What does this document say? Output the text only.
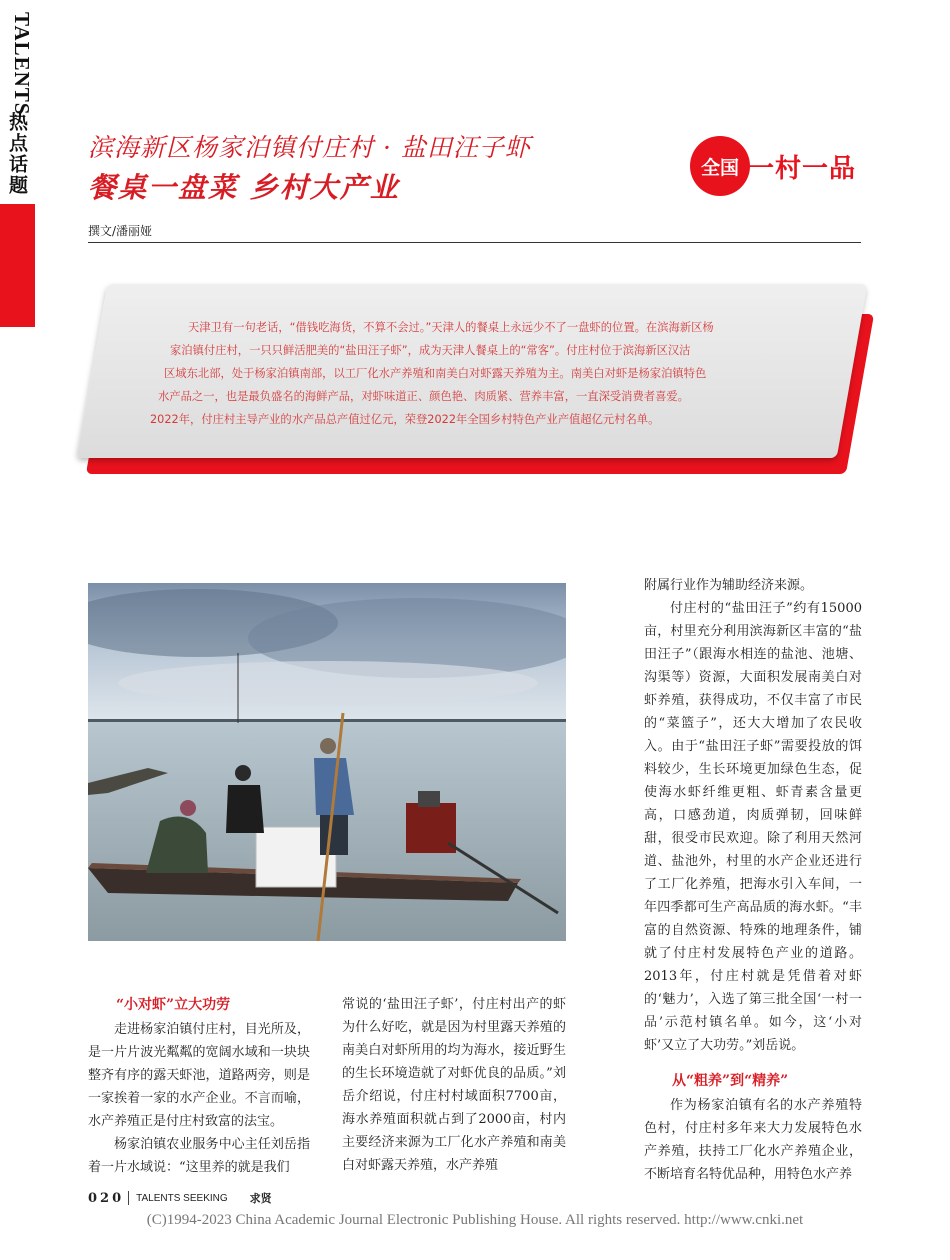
TALENTS
热点话题 滨海新区杨家泊镇付庄村 · 盐田汪子虾
餐桌一盘菜 乡村大产业
全国 一村一品
撰文/潘丽娅
天津卫有一句老话，“借钱吃海货，不算不会过。”天津人的餐桌上永远少不了一盘虾的位置。在滨海新区杨
家泊镇付庄村，一只只鲜活肥美的“盐田汪子虾”，成为天津人餐桌上的“常客”。付庄村位于滨海新区汉沽
区域东北部，处于杨家泊镇南部，以工厂化水产养殖和南美白对虾露天养殖为主。南美白对虾是杨家泊镇特色
水产品之一，也是最负盛名的海鲜产品，对虾味道正、颜色艳、肉质紧、营养丰富，一直深受消费者喜爱。
2022年，付庄村主导产业的水产品总产值过亿元，荣登2022年全国乡村特色产业产值超亿元村名单。
“小对虾”立大功劳

走进杨家泊镇付庄村，目光所及，是一片片波光粼粼的宽阔水域和一块块整齐有序的露天虾池，道路两旁，则是一家挨着一家的水产企业。不言而喻，水产养殖正是付庄村致富的法宝。

杨家泊镇农业服务中心主任刘岳指着一片水域说：“这里养的就是我们

常说的‘盐田汪子虾’，付庄村出产的虾为什么好吃，就是因为村里露天养殖的南美白对虾所用的均为海水，接近野生的生长环境造就了对虾优良的品质。”刘岳介绍说，付庄村村域面积7700亩，海水养殖面积就占到了2000亩，村内主要经济来源为工厂化水产养殖和南美白对虾露天养殖，水产养殖

附属行业作为辅助经济来源。

付庄村的“盐田汪子”约有15000亩，村里充分利用滨海新区丰富的“盐田汪子”（跟海水相连的盐池、池塘、沟渠等）资源，大面积发展南美白对虾养殖，获得成功，不仅丰富了市民的“菜篮子”，还大大增加了农民收入。由于“盐田汪子虾”需要投放的饵料较少，生长环境更加绿色生态，促使海水虾纤维更粗、虾青素含量更高，口感劲道，肉质弹韧，回味鲜甜，很受市民欢迎。除了利用天然河道、盐池外，村里的水产企业还进行了工厂化养殖，把海水引入车间，一年四季都可生产高品质的海水虾。“丰富的自然资源、特殊的地理条件，铺就了付庄村发展特色产业的道路。2013年，付庄村就是凭借着对虾的‘魅力’，入选了第三批全国‘一村一品’示范村镇名单。如今，这‘小对虾’又立了大功劳。”刘岳说。

从“粗养”到“精养”

作为杨家泊镇有名的水产养殖特色村，付庄村多年来大力发展特色水产养殖，扶持工厂化水产养殖企业，不断培育名特优品种，用特色水产养

020 TALENTS SEEKING 求贤
(C)1994-2023 China Academic Journal Electronic Publishing House. All rights reserved. http://www.cnki.net
